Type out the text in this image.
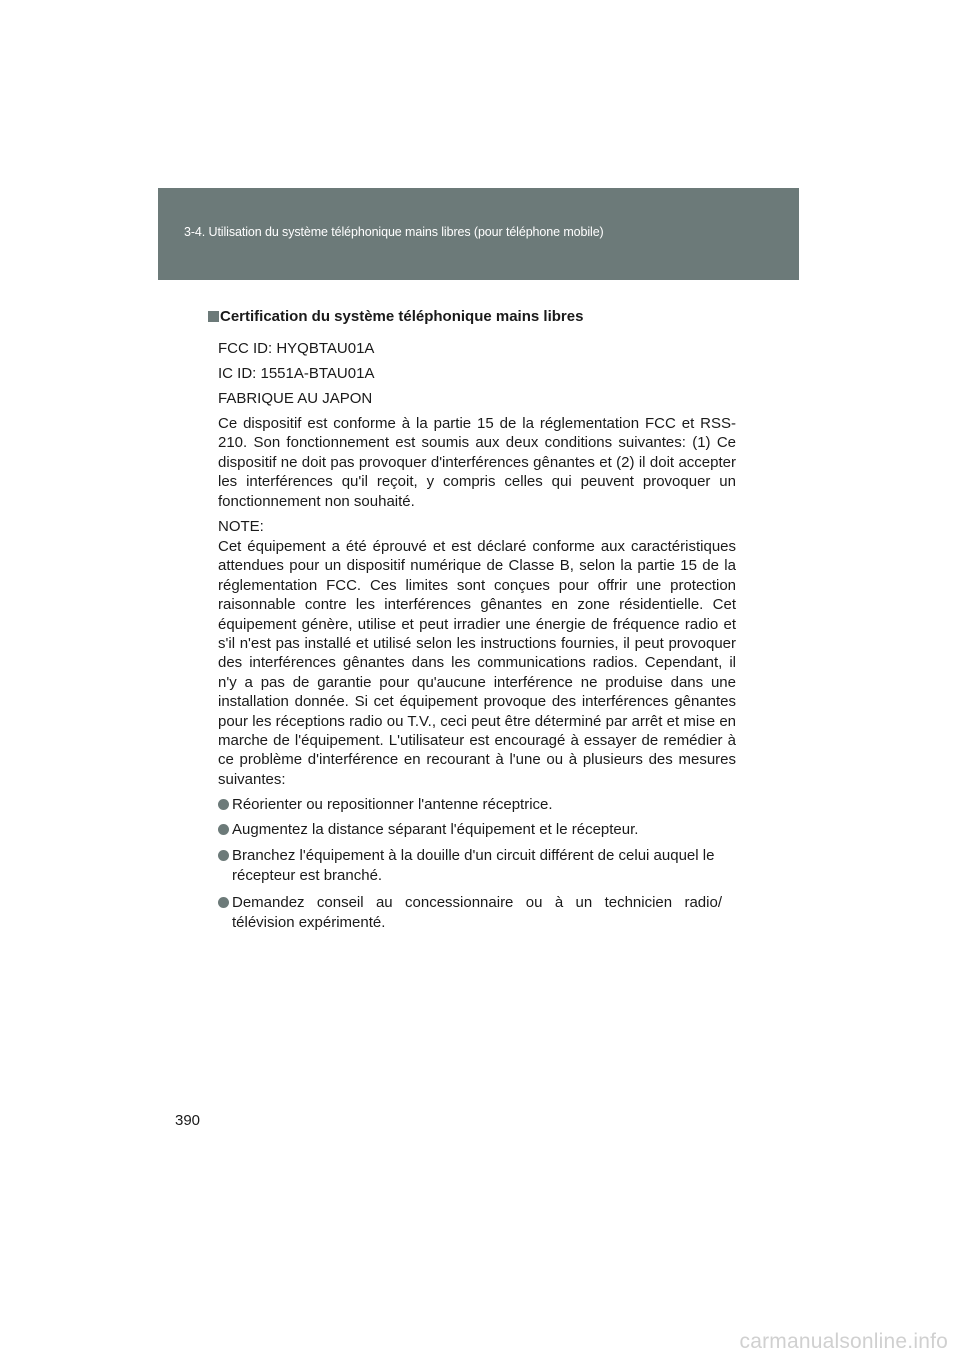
3-4. Utilisation du système téléphonique mains libres (pour téléphone mobile)
Certification du système téléphonique mains libres
FCC ID: HYQBTAU01A
IC ID: 1551A-BTAU01A
FABRIQUE AU JAPON
Ce dispositif est conforme à la partie 15 de la réglementation FCC et RSS-210. Son fonctionnement est soumis aux deux conditions suivantes: (1) Ce dispositif ne doit pas provoquer d'interférences gênantes et (2) il doit accepter les interférences qu'il reçoit, y compris celles qui peuvent provoquer un fonctionnement non souhaité.
NOTE:
Cet équipement a été éprouvé et est déclaré conforme aux caractéristiques attendues pour un dispositif numérique de Classe B, selon la partie 15 de la réglementation FCC. Ces limites sont conçues pour offrir une protection raisonnable contre les interférences gênantes en zone résidentielle. Cet équipement génère, utilise et peut irradier une énergie de fréquence radio et s'il n'est pas installé et utilisé selon les instructions fournies, il peut provoquer des interférences gênantes dans les communications radios. Cependant, il n'y a pas de garantie pour qu'aucune interférence ne produise dans une installation donnée. Si cet équipement provoque des interférences gênantes pour les réceptions radio ou T.V., ceci peut être déterminé par arrêt et mise en marche de l'équipement. L'utilisateur est encouragé à essayer de remédier à ce problème d'interférence en recourant à l'une ou à plusieurs des mesures suivantes:
Réorienter ou repositionner l'antenne réceptrice.
Augmentez la distance séparant l'équipement et le récepteur.
Branchez l'équipement à la douille d'un circuit différent de celui auquel le récepteur est branché.
Demandez conseil au concessionnaire ou à un technicien radio/ télévision expérimenté.
390
carmanualsonline.info
